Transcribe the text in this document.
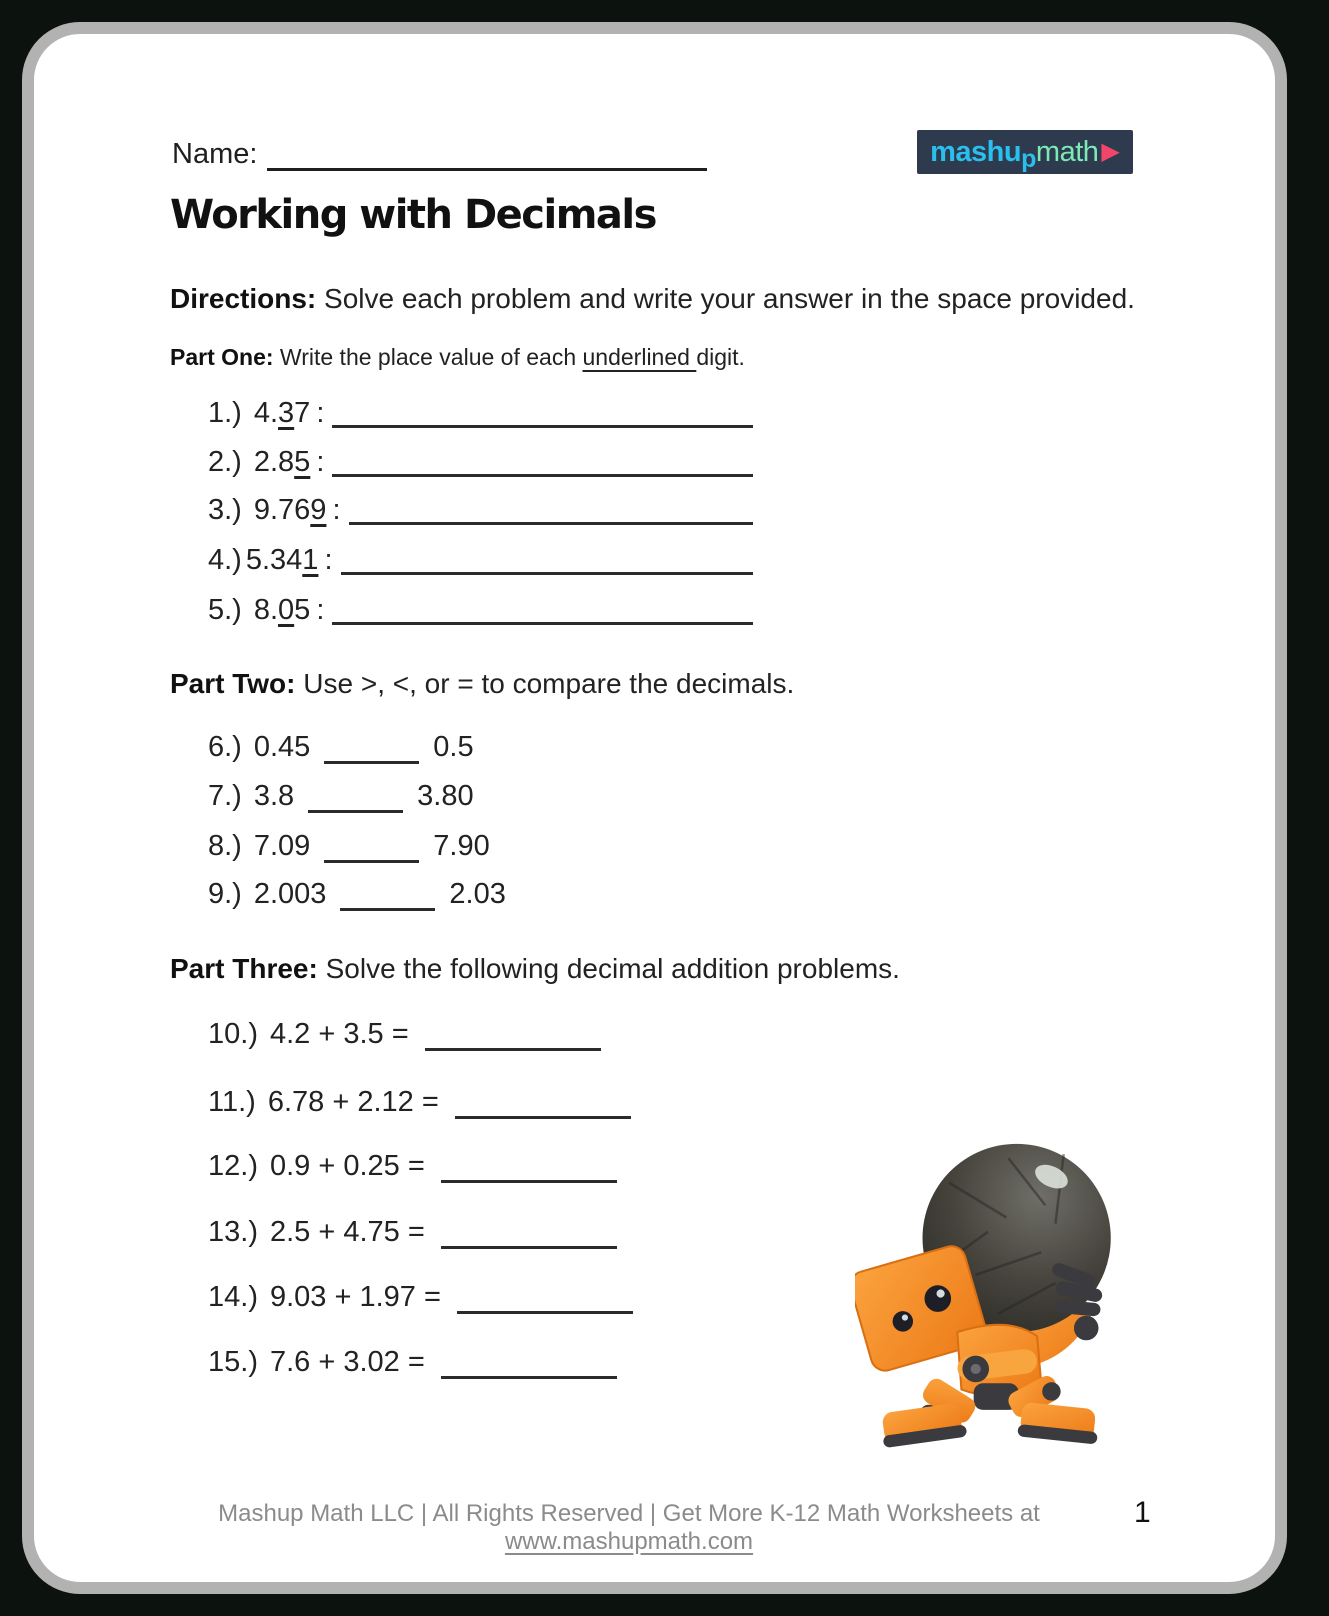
Name:	mashu p math ▶
Working with Decimals
Directions: Solve each problem and write your answer in the space provided.
Part One: Write the place value of each underlined digit.
1.) 4. 3 7 :
2.) 2.8 5 :
3.) 9.76 9 :
4.) 5.34 1 :
5.) 8. 0 5 :
Part Two: Use >, <, or = to compare the decimals.
6.) 0.45	0.5
7.) 3.8	3.80
8.) 7.09	7.90
9.) 2.003	2.03
Part Three: Solve the following decimal addition problems.
10.) 4.2 + 3.5 =
11.) 6.78 + 2.12 =
12.) 0.9 + 0.25 =
13.) 2.5 + 4.75 =
14.) 9.03 + 1.97 =
15.) 7.6 + 3.02 =
Mashup Math LLC | All Rights Reserved | Get More K-12 Math Worksheets at www.mashupmath.com
1
